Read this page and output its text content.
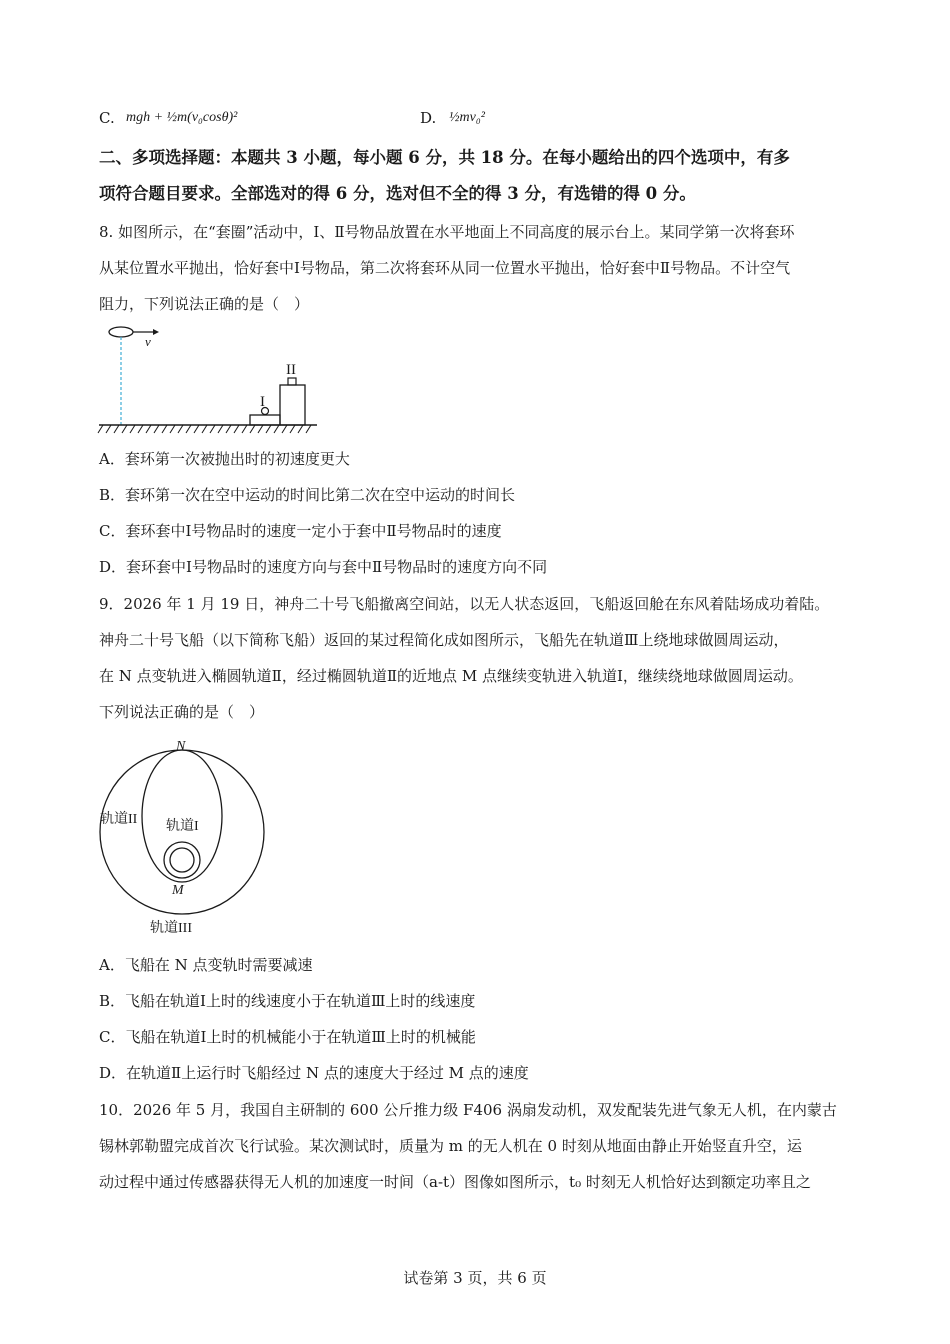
C. mgh + ½m(v₀cosθ)²	D. ½mv₀²
二、多项选择题：本题共 3 小题，每小题 6 分，共 18 分。在每小题给出的四个选项中，有多
项符合题目要求。全部选对的得 6 分，选对但不全的得 3 分，有选错的得 0 分。
8. 如图所示，在“套圈”活动中，Ⅰ、Ⅱ号物品放置在水平地面上不同高度的展示台上。某同学第一次将套环
从某位置水平抛出，恰好套中Ⅰ号物品，第二次将套环从同一位置水平抛出，恰好套中Ⅱ号物品。不计空气
阻力，下列说法正确的是（　）
v
I
II
A．套环第一次被抛出时的初速度更大
B．套环第一次在空中运动的时间比第二次在空中运动的时间长
C．套环套中Ⅰ号物品时的速度一定小于套中Ⅱ号物品时的速度
D．套环套中Ⅰ号物品时的速度方向与套中Ⅱ号物品时的速度方向不同
9．2026 年 1 月 19 日，神舟二十号飞船撤离空间站，以无人状态返回，飞船返回舱在东风着陆场成功着陆。
神舟二十号飞船（以下简称飞船）返回的某过程简化成如图所示，飞船先在轨道Ⅲ上绕地球做圆周运动，
在 N 点变轨进入椭圆轨道Ⅱ，经过椭圆轨道Ⅱ的近地点 M 点继续变轨进入轨道Ⅰ，继续绕地球做圆周运动。
下列说法正确的是（　）
N
M
轨道II 轨道I
轨道III
A．飞船在 N 点变轨时需要减速
B．飞船在轨道Ⅰ上时的线速度小于在轨道Ⅲ上时的线速度
C．飞船在轨道Ⅰ上时的机械能小于在轨道Ⅲ上时的机械能
D．在轨道Ⅱ上运行时飞船经过 N 点的速度大于经过 M 点的速度
10．2026 年 5 月，我国自主研制的 600 公斤推力级 F406 涡扇发动机，双发配装先进气象无人机，在内蒙古
锡林郭勒盟完成首次飞行试验。某次测试时，质量为 m 的无人机在 0 时刻从地面由静止开始竖直升空，运
动过程中通过传感器获得无人机的加速度一时间（a-t）图像如图所示，t₀ 时刻无人机恰好达到额定功率且之
试卷第 3 页，共 6 页
